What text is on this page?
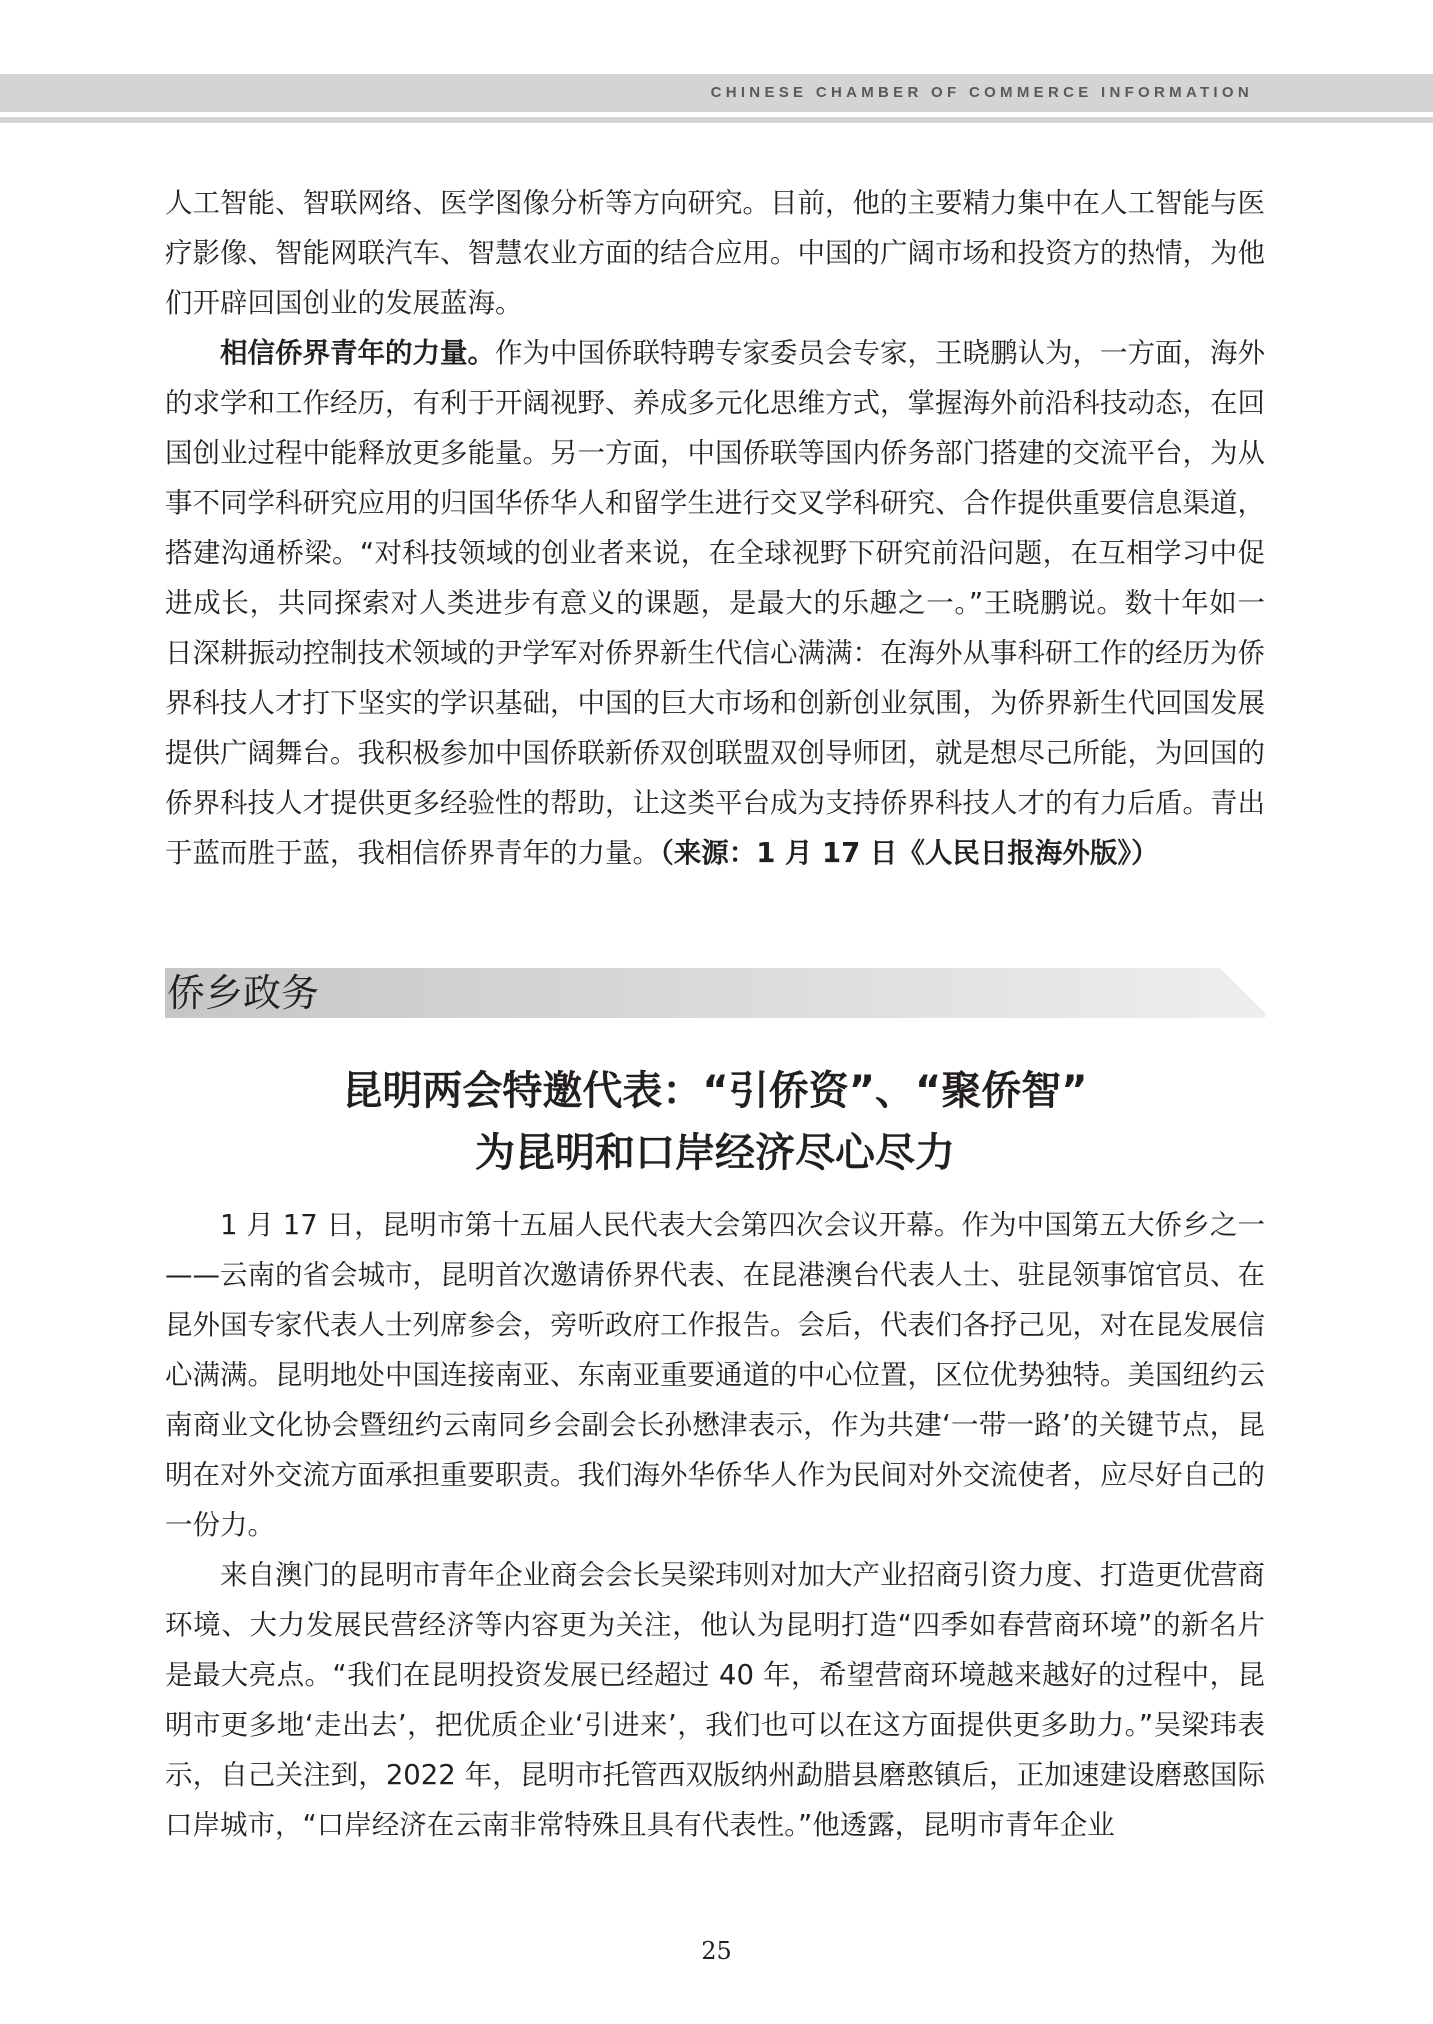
CHINESE CHAMBER OF COMMERCE INFORMATION

人工智能、智联网络、医学图像分析等方向研究。目前，他的主要精力集中在人工智能与医疗影像、智能网联汽车、智慧农业方面的结合应用。中国的广阔市场和投资方的热情，为他们开辟回国创业的发展蓝海。

相信侨界青年的力量。作为中国侨联特聘专家委员会专家，王晓鹏认为，一方面，海外的求学和工作经历，有利于开阔视野、养成多元化思维方式，掌握海外前沿科技动态，在回国创业过程中能释放更多能量。另一方面，中国侨联等国内侨务部门搭建的交流平台，为从事不同学科研究应用的归国华侨华人和留学生进行交叉学科研究、合作提供重要信息渠道，搭建沟通桥梁。“对科技领域的创业者来说，在全球视野下研究前沿问题，在互相学习中促进成长，共同探索对人类进步有意义的课题，是最大的乐趣之一。”王晓鹏说。数十年如一日深耕振动控制技术领域的尹学军对侨界新生代信心满满：在海外从事科研工作的经历为侨界科技人才打下坚实的学识基础，中国的巨大市场和创新创业氛围，为侨界新生代回国发展提供广阔舞台。我积极参加中国侨联新侨双创联盟双创导师团，就是想尽己所能，为回国的侨界科技人才提供更多经验性的帮助，让这类平台成为支持侨界科技人才的有力后盾。青出于蓝而胜于蓝，我相信侨界青年的力量。（来源：1 月 17 日《人民日报海外版》）

侨乡政务
昆明两会特邀代表：“引侨资”、“聚侨智”
为昆明和口岸经济尽心尽力

1 月 17 日，昆明市第十五届人民代表大会第四次会议开幕。作为中国第五大侨乡之一——云南的省会城市，昆明首次邀请侨界代表、在昆港澳台代表人士、驻昆领事馆官员、在昆外国专家代表人士列席参会，旁听政府工作报告。会后，代表们各抒己见，对在昆发展信心满满。昆明地处中国连接南亚、东南亚重要通道的中心位置，区位优势独特。美国纽约云南商业文化协会暨纽约云南同乡会副会长孙懋津表示，作为共建‘一带一路’的关键节点，昆明在对外交流方面承担重要职责。我们海外华侨华人作为民间对外交流使者，应尽好自己的一份力。

来自澳门的昆明市青年企业商会会长吴梁玮则对加大产业招商引资力度、打造更优营商环境、大力发展民营经济等内容更为关注，他认为昆明打造“四季如春营商环境”的新名片是最大亮点。“我们在昆明投资发展已经超过 40 年，希望营商环境越来越好的过程中，昆明市更多地‘走出去’，把优质企业‘引进来’，我们也可以在这方面提供更多助力。”吴梁玮表示，自己关注到，2022 年，昆明市托管西双版纳州勐腊县磨憨镇后，正加速建设磨憨国际口岸城市，“口岸经济在云南非常特殊且具有代表性。”他透露，昆明市青年企业

25
